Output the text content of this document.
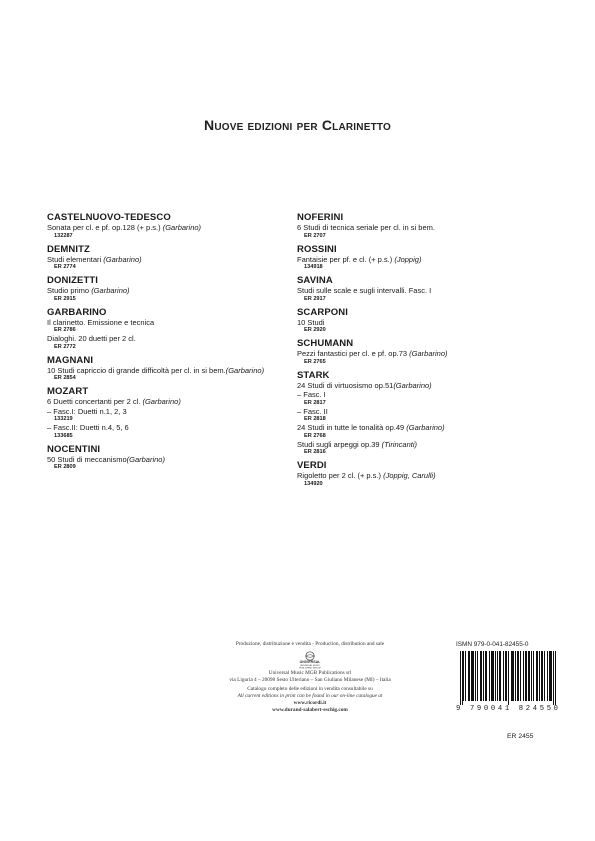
Nuove edizioni per Clarinetto
CASTELNUOVO-TEDESCO
Sonata per cl. e pf. op.128 (+ p.s.) (Garbarino)
132287
DEMNITZ
Studi elementari (Garbarino)
ER 2774
DONIZETTI
Studio primo (Garbarino)
ER 2915
GARBARINO
Il clarinetto. Emissione e tecnica
ER 2786
Dialoghi. 20 duetti per 2 cl.
ER 2772
MAGNANI
10 Studi capriccio di grande difficoltà per cl. in si bem.(Garbarino)
ER 2854
MOZART
6 Duetti concertanti per 2 cl. (Garbarino)
– Fasc.I: Duetti n.1, 2, 3
133219
– Fasc.II: Duetti n.4, 5, 6
133685
NOCENTINI
50 Studi di meccanismo(Garbarino)
ER 2809
NOFERINI
6 Studi di tecnica seriale per cl. in si bem.
ER 2707
ROSSINI
Fantaisie per pf. e cl. (+ p.s.) (Joppig)
134918
SAVINA
Studi sulle scale e sugli intervalli. Fasc. I
ER 2917
SCARPONI
10 Studi
ER 2920
SCHUMANN
Pezzi fantastici per cl. e pf. op.73 (Garbarino)
ER 2765
STARK
24 Studi di virtuosismo op.51(Garbarino)
– Fasc. I
ER 2817
– Fasc. II
ER 2818
24 Studi in tutte le tonalità op.49 (Garbarino)
ER 2768
Studi sugli arpeggi op.39 (Tirincanti)
ER 2816
VERDI
Rigoletto per 2 cl. (+ p.s.) (Joppig, Carulli)
134920
Produzione, distribuzione e vendita - Production, distribution and sale
UNIVERSAL
UNIVERSAL MUSIC
PUBLISHING GROUP
Universal Music MGB Publications srl
via Liguria 4 – 20098 Sesto Ulteriano – San Giuliano Milanese (MI) – Italia
Catalogo completo delle edizioni in vendita consultabile su
All current editions in print can be found in our on-line catalogue at
www.ricordi.it
www.durand-salabert-eschig.com
ISMN 979-0-041-82455-0
9 790041 824550
ER 2455
